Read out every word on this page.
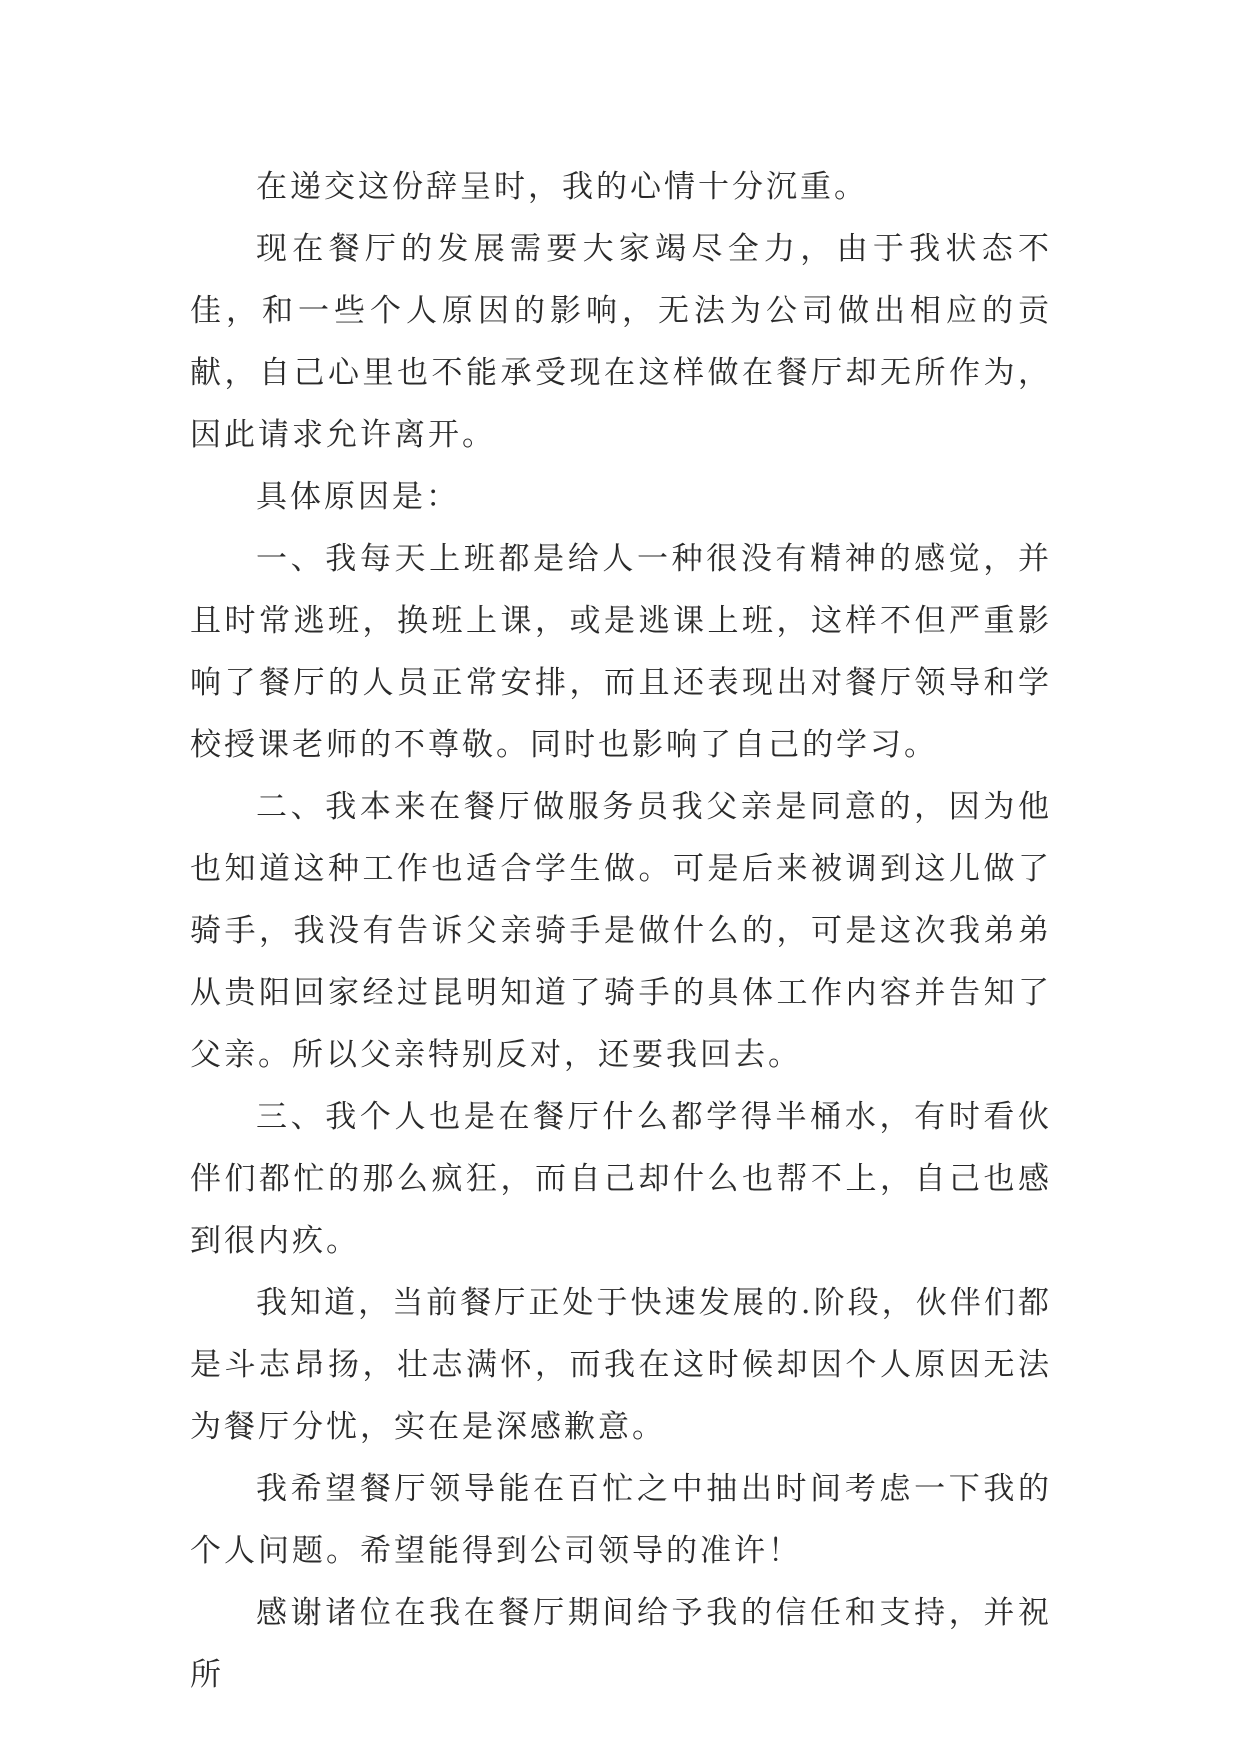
在递交这份辞呈时，我的心情十分沉重。

现在餐厅的发展需要大家竭尽全力，由于我状态不佳，和一些个人原因的影响，无法为公司做出相应的贡献，自己心里也不能承受现在这样做在餐厅却无所作为，因此请求允许离开。

具体原因是：

一、我每天上班都是给人一种很没有精神的感觉，并且时常逃班，换班上课，或是逃课上班，这样不但严重影响了餐厅的人员正常安排，而且还表现出对餐厅领导和学校授课老师的不尊敬。同时也影响了自己的学习。

二、我本来在餐厅做服务员我父亲是同意的，因为他也知道这种工作也适合学生做。可是后来被调到这儿做了骑手，我没有告诉父亲骑手是做什么的，可是这次我弟弟从贵阳回家经过昆明知道了骑手的具体工作内容并告知了父亲。所以父亲特别反对，还要我回去。

三、我个人也是在餐厅什么都学得半桶水，有时看伙伴们都忙的那么疯狂，而自己却什么也帮不上，自己也感到很内疚。

我知道，当前餐厅正处于快速发展的.阶段，伙伴们都是斗志昂扬，壮志满怀，而我在这时候却因个人原因无法为餐厅分忧，实在是深感歉意。

我希望餐厅领导能在百忙之中抽出时间考虑一下我的个人问题。希望能得到公司领导的准许！

感谢诸位在我在餐厅期间给予我的信任和支持，并祝所
